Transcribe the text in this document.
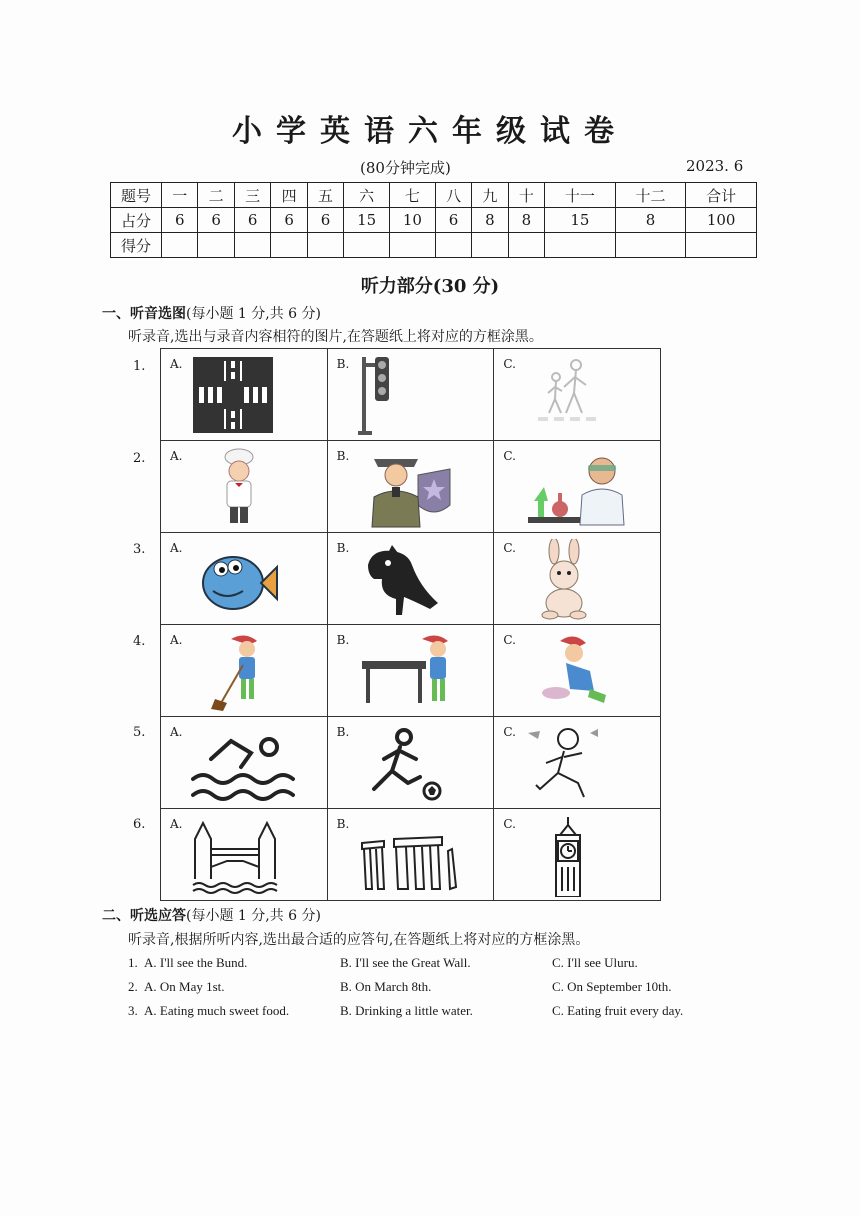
小学英语六年级试卷
(80分钟完成)	2023. 6
题号	一	二	三	四	五	六	七	八	九	十	十一	十二	合计
占分	6	6	6	6	6	15	10	6	8	8	15	8	100
得分													
听力部分(30 分)
一、听音选图(每小题 1 分,共 6 分)
听录音,选出与录音内容相符的图片,在答题纸上将对应的方框涂黑。
1.
2.
3.
4.
5.
6.
A.	B.	C.

A.	B.	C.

A.	B.	C.

A.	B.	C.

A.	B.	C.

A.	B.	C.
二、听选应答(每小题 1 分,共 6 分)
听录音,根据所听内容,选出最合适的应答句,在答题纸上将对应的方框涂黑。
1. A. I'll see the Bund.	B. I'll see the Great Wall.	C. I'll see Uluru.
2. A. On May 1st.	B. On March 8th.	C. On September 10th.
3. A. Eating much sweet food.	B. Drinking a little water.	C. Eating fruit every day.
